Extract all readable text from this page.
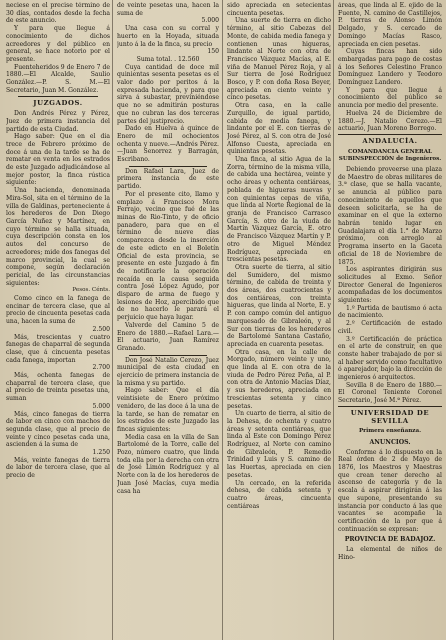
neciese en el precise término de 30 días, contados desde la fecha de este anuncio.

Y para que llegue á conocimiento de dichos acreedores y del público en general, se hace notorio por el presente.

Fuenteheridos 9 de Enero 7 de 1880.—El Alcalde, Saulio González.—P. S. M.—El Secretario, Juan M. González.

JUZGADOS.

Don Andrés Pérez y Pérez, Juez de primera instancia del partido de esta Ciudad.

Hago saber: Que en el dia trece de Febrero próximo de doce á una de la tarde se ha de rematar en venta en los estrados de este Juzgado adjudicándose al mejor postor, la finca rústica siguiente:

Una hacienda, denominada Mira-Sol, sita en el término de la villa de Galdinas, perteneciente á los herederos de Don Diego García Nuñez y Martínez, en cuyo término se halla situada, cuya descripción consta en los autos del concurso de acreedores; mide dos fanegas del marco provincial, la cual se compone, según declaración pericial, de las circunstancias siguientes:

Pesos. Cénts.

Como cinco en la fanega de encinar de tercera clase, que al precio de cincuenta pesetas cada una, hacen la suma de

2.500

Más, trescientas y cuatro fanegas de chaparral de segunda clase, que á cincuenta pesetas cada fanega, importan

2.700

Más, ochenta fanegas de chaparral de tercera clase, que al precio de treinta pesetas una, suman

5.000

Más, cinco fanegas de tierra de labor en cinco con machos de segunda clase, que al precio de veinte y cinco pesetas cada una, ascienden á la suma de

1.250

Más, veinte fanegas de tierra de labor de tercera clase, que al precio de

de veinte pesetas una, hacen la suma de

5.000

Una casa con su corral y huerto en la Hoyada, situada junto á la de la finca, su precio

150

Suma total. . 12.560

Cuya cantidad de doce mil quinientas sesenta pesetas es el valor dado por peritos á la expresada hacienda, y para que sirva á subastar, previniéndose que no se admitirán posturas que no cubran las dos terceras partes del justiprecio.

Dado en Huelva á quince de Enero de mil ochocientos ochenta y nueve.—Andrés Pérez.—Juan Senorrez y Barragán, Escribano.

Don Rafael Lara, Juez de primera instancia de este partido.

Por el presente cito, llamo y emplazo á Francisco Mora Ferrajo, vecino que fué de las minas de Rio-Tinto, y de oficio panadero, para que en el término de nueve días comparezca desde la inserción de este edicto en el Boletín Oficial de esta provincia, se presente en este Juzgado á fin de notificarle la operación recaída en la causa seguida contra José López Agudo, por disparo de arma de fuego y lesiones de Hoz, apercibido que de no hacerlo le parará el perjuicio que haya lugar.

Valverde del Camino 5 de Enero de 1880.—Rafael Lara.—El actuario, Juan Ramírez Granado.

Don José Natalio Cerezo, Juez municipal de esta ciudad en ejercicio de primera instancia de la misma y su partido.

Hago saber: Que el día veintisiete de Enero próximo venidero, de las doce á la una de la tarde, se han de rematar en los estrados de este Juzgado las fincas siguientes:

Media casa en la villa de San Bartolomé de la Torre, calle del Pozo, número cuatro, que linda toda ella por la derecha con otra de José Limón Rodríguez y al Norte con la de los herederos de Juan José Macías, cuya media casa ha

sido apreciada en setecientas cincuenta pesetas.

Una suerte de tierra en dicho término, al sitio Cabezas del Monte, de cabida media fanega y contienen unas higueras, lindante al Norte con otra de Francisco Vázquez Macías, al E. viña de Manuel Pérez Roja, y al Sur tierra de José Rodríguez Bosco, y P. con doña Rosa Beyer, apreciada en ciento veinte y cinco pesetas.

Otra casa, en la calle Zurquillo, de igual partido, cabida de media fanega, y lindante por el E. con tierras de José Pérez, al S. con otra de José Alfonso Cuesta, apreciada en quinientas pesetas.

Una finca, al sitio Agua de la Zorra, término de la misma villa, de cabida una hectárea, veinte y ocho áreas y ochenta centiáreas, poblada de higueras nuevas y con quinientas cepas de viña, que linda al Norte Regional de la granja de Francisco Carrasco García, S. otro de la viuda de Martín Vázquez García, E. otro de Francisco Vázquez Martín y P. otro de Miguel Méndez Rodríguez, apreciada en trescientas pesetas.

Otra suerte de tierra, al sitio del Sumidero, del mismo término, de cabida de treinta y dos áreas, dos cuatrocientas y dos centiáreas, con treinta higueras, que linda al Norte, E. y P. con campo común del antiguo marquesado de Gibraleón, y al Sur con tierras de los herederos de Bartolomé Santana Castaño, apreciada en cuarenta pesetas.

Otra casa, en la calle de Morgado, número veinte y uno, que linda al E. con otra de la viuda de Pedro Pérez Peña, al P. con otra de Antonio Macías Díaz, y sus herederos, apreciada en trescientas setenta y cinco pesetas.

Un cuarto de tierra, al sitio de la Dehesa, de ochenta y cuatro áreas y setenta centiáreas, que linda al Este con Domingo Pérez Rodríguez, al Norte con camino de Gibraleón, P. Remedio Trinidad y Luis y S. camino de las Huertas, apreciada en cien pesetas.

Un cercado, en la referida dehesa, de cabida setenta y cuatro áreas, cincuenta centiáreas

áreas, que linda al E. ejido de la Fuente, N. camino de Castillejos, P. tierras de Alonso Limón Delgado, y S. cercado de Domingo Macías Rasco, apreciada en cien pesetas.

Cuyas fincas han sido embargadas para pago de costas á los Señores Celestino Franco Domínguez Landero y Teodoro Domínguez Landero.

Y para que llegue á conocimiento del público se anuncia por medio del presente.

Huelva 24 de Diciembre de 1880.—J. Natalio Cerezo.—El actuario, Juan Moreno Borrego.

ANDALUCÍA.
COMANDANCIA GENERAL SUBINSPECCIÓN de Ingenieros.

Debiendo proveerse una plaza de Maestro de obras militares de 3.ª clase, que se halla vacante, se anuncia al público para conocimiento de aquellos que deseen solicitarla, se ha de examinar en el que la externo habrán tenido lugar en Guadalajara el día 1.° de Marzo próximo, con arreglo al Programa inserto en la Gaceta oficial de 18 de Noviembre de 1875.

Los aspirantes dirigirán sus solicitudes al Exmo. Señor Director General de Ingenieros acompañadas de los documentos siguientes:

1.º Partida de bautismo ó acta de nacimiento.

2.º Certificación de estado civil.

3.º Certificación de práctica en el arte de construir, en que conste haber trabajado de por si al haber servido como facultativo ó aparejador, bajo la dirección de ingenieros ó arquitectos.

Sevilla 8 de Enero de 1880.—El Coronel Teniente Coronel Secretario, José M.ª Pérez.

UNIVERSIDAD DE SEVILLA
Primera enseñanza.
ANUNCIOS.

Conforme á lo dispuesto en la Real órden de 2 de Mayo de 1876, los Maestros y Maestras que crean tener derecho al ascenso de categoría y de la escala á aspirar dirigirán á las que supone, presentando su instancia por conducto á las que vacantes se acompañe la certificación de la por que á continuación se expresan:

PROVINCIA DE BADAJOZ.

La elemental de niños de Hino-
